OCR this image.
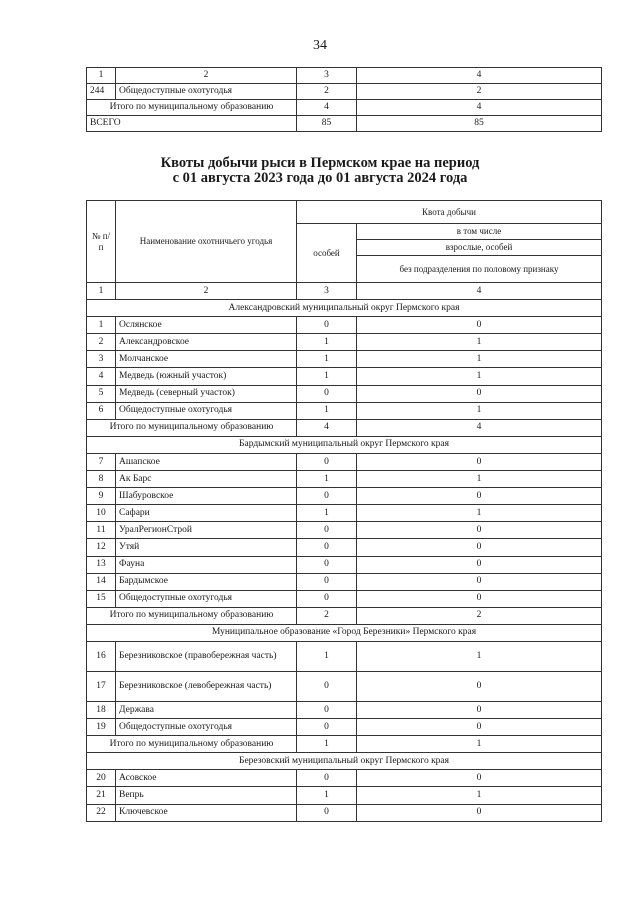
34
1	2	3	4
244	Общедоступные охотугодья	2	2
Итого по муниципальному образованию		4	4
ВСЕГО		85	85
Квоты добычи рыси в Пермском крае на период
с 01 августа 2023 года до 01 августа 2024 года
№ п/п	Наименование охотничьего угодья	Квота добычи	
		особей	в том числе
			взрослые, особей
			без подразделения по половому признаку
1	2	3	4
Александровский муниципальный округ Пермского края			
1	Ослянское	0	0
2	Александровское	1	1
3	Молчанское	1	1
4	Медведь (южный участок)	1	1
5	Медведь (северный участок)	0	0
6	Общедоступные охотугодья	1	1
Итого по муниципальному образованию		4	4
Бардымский муниципальный округ Пермского края			
7	Ашапское	0	0
8	Ак Барс	1	1
9	Шабуровское	0	0
10	Сафари	1	1
11	УралРегионСтрой	0	0
12	Утяй	0	0
13	Фауна	0	0
14	Бардымское	0	0
15	Общедоступные охотугодья	0	0
Итого по муниципальному образованию		2	2
Муниципальное образование «Город Березники» Пермского края			
16	Березниковское (правобережная часть)	1	1
17	Березниковское (левобережная часть)	0	0
18	Держава	0	0
19	Общедоступные охотугодья	0	0
Итого по муниципальному образованию		1	1
Березовский муниципальный округ Пермского края			
20	Асовское	0	0
21	Вепрь	1	1
22	Ключевское	0	0
